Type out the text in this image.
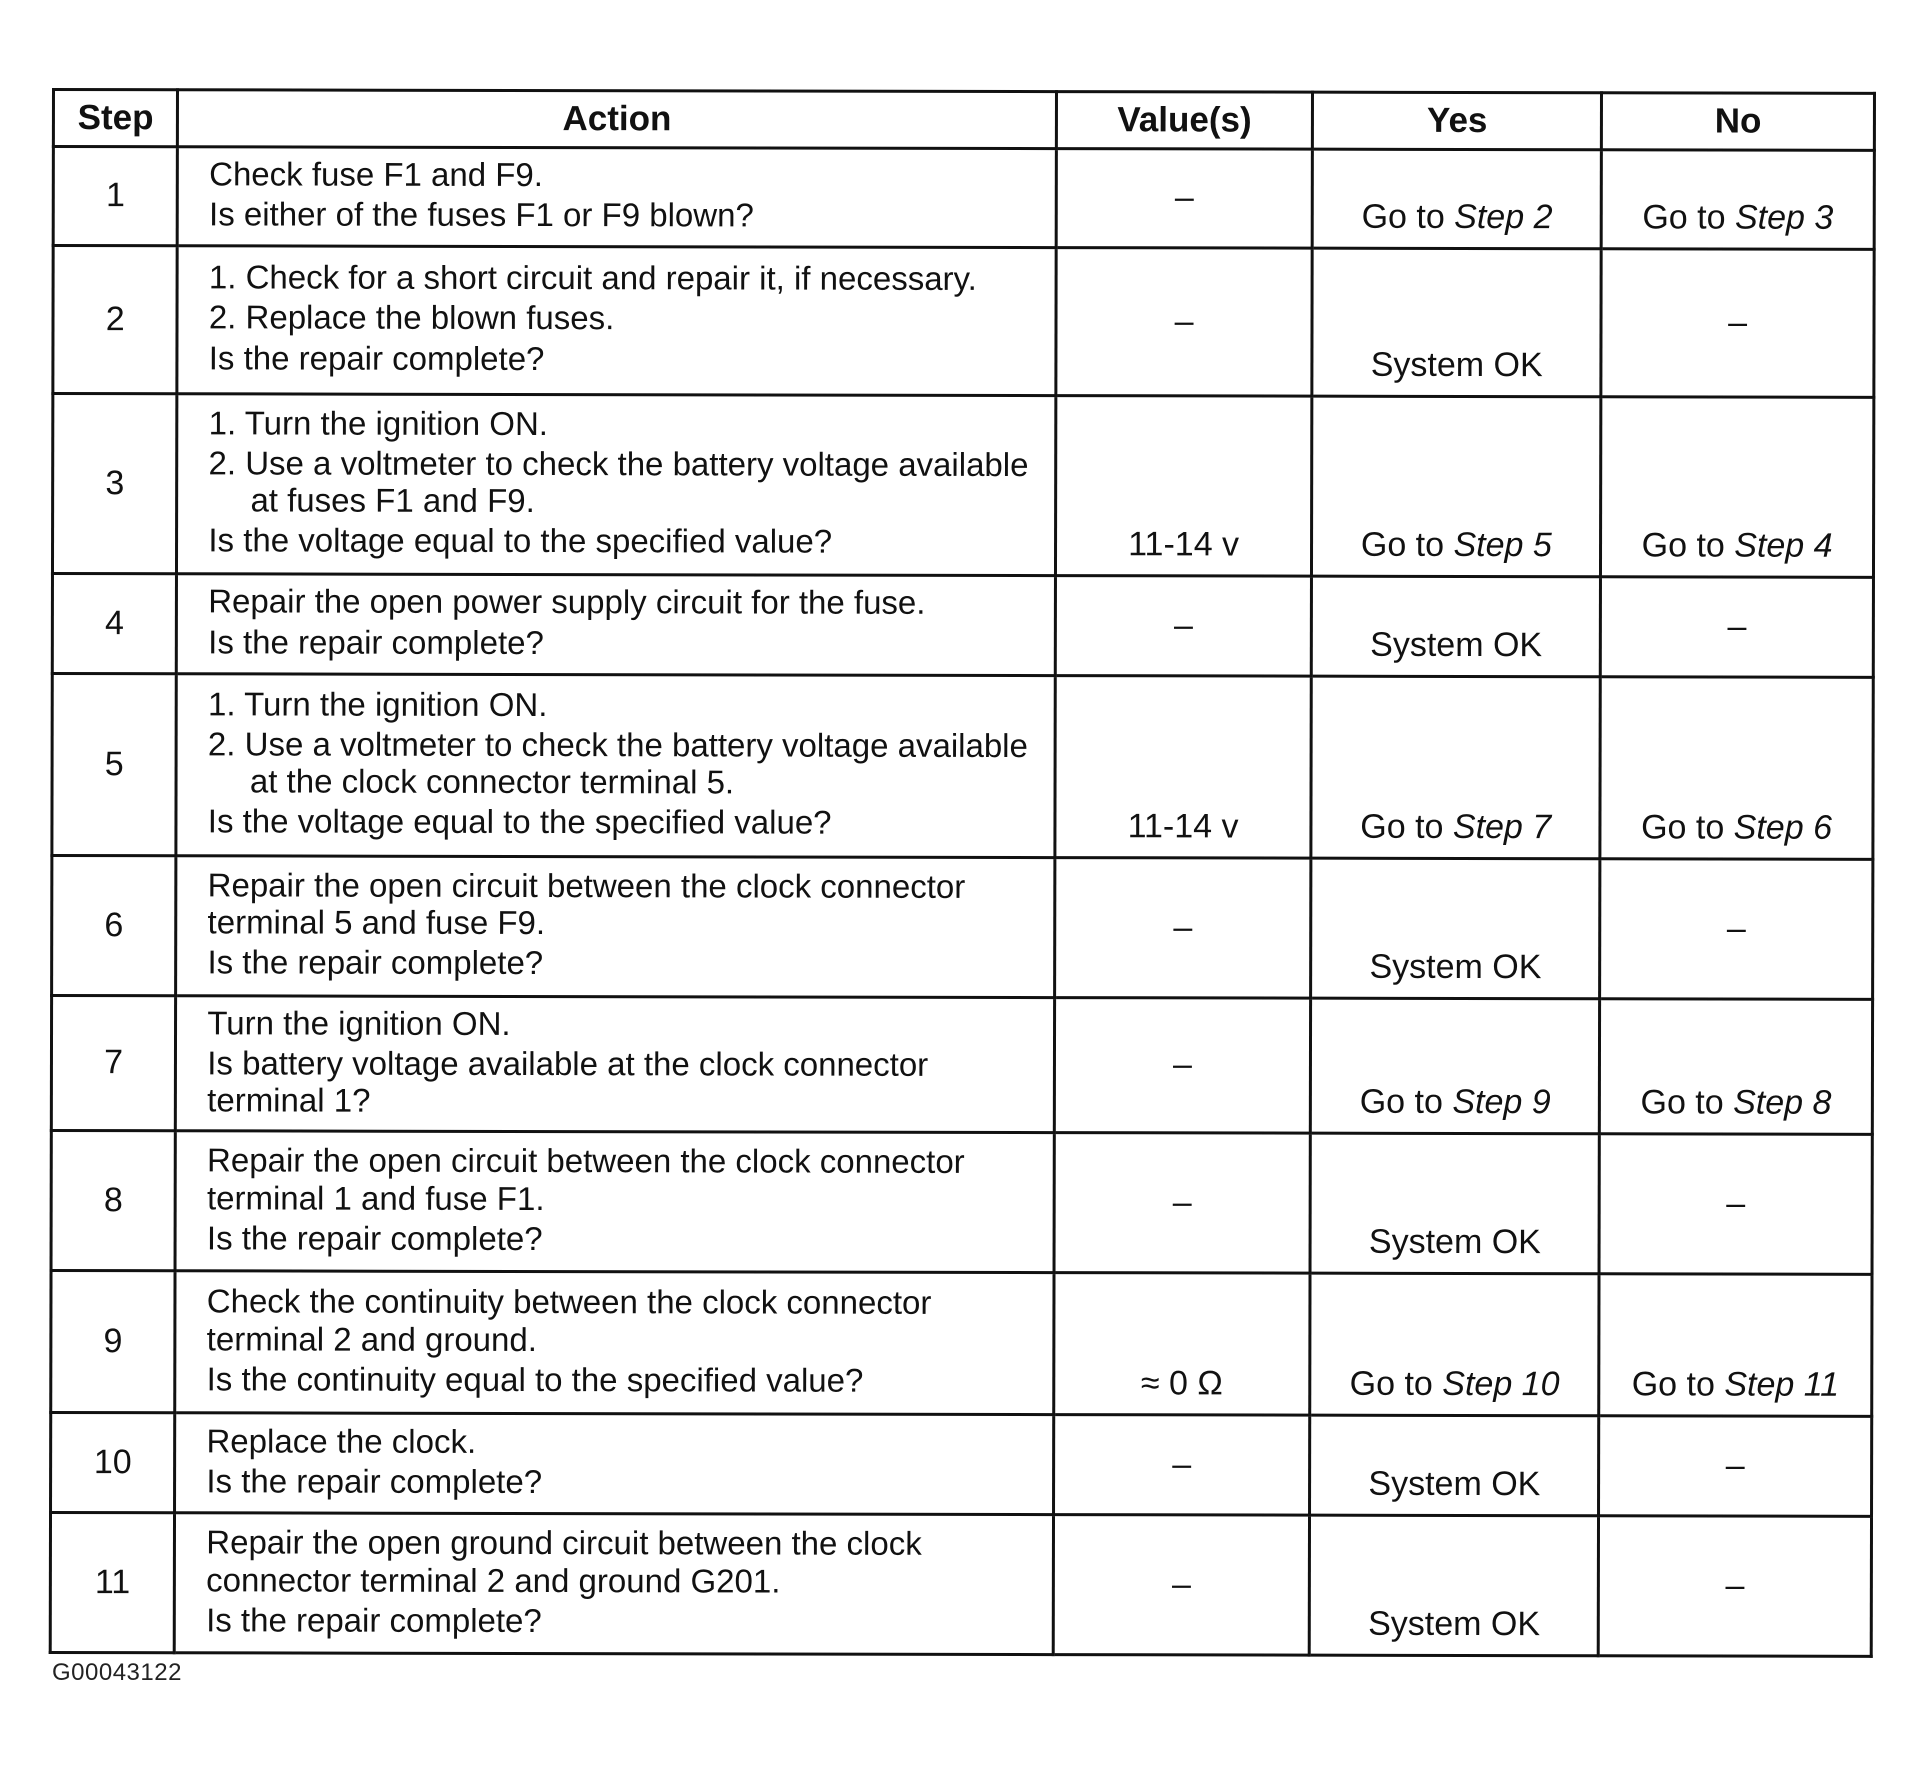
Step	Action	Value(s)	Yes	No
1	Check fuse F1 and F9.
Is either of the fuses F1 or F9 blown?	–	Go to Step 2	Go to Step 3
2	1. Check for a short circuit and repair it, if necessary.
2. Replace the blown fuses.
Is the repair complete?	–	System OK	–
3	1. Turn the ignition ON.
2. Use a voltmeter to check the battery voltage available at fuses F1 and F9.
Is the voltage equal to the specified value?	11-14 v	Go to Step 5	Go to Step 4
4	Repair the open power supply circuit for the fuse.
Is the repair complete?	–	System OK	–
5	1. Turn the ignition ON.
2. Use a voltmeter to check the battery voltage available at the clock connector terminal 5.
Is the voltage equal to the specified value?	11-14 v	Go to Step 7	Go to Step 6
6	Repair the open circuit between the clock connector terminal 5 and fuse F9.
Is the repair complete?	–	System OK	–
7	Turn the ignition ON.
Is battery voltage available at the clock connector terminal 1?	–	Go to Step 9	Go to Step 8
8	Repair the open circuit between the clock connector terminal 1 and fuse F1.
Is the repair complete?	–	System OK	–
9	Check the continuity between the clock connector terminal 2 and ground.
Is the continuity equal to the specified value?	≈ 0 Ω	Go to Step 10	Go to Step 11
10	Replace the clock.
Is the repair complete?	–	System OK	–
11	Repair the open ground circuit between the clock connector terminal 2 and ground G201.
Is the repair complete?	–	System OK	–
G00043122
